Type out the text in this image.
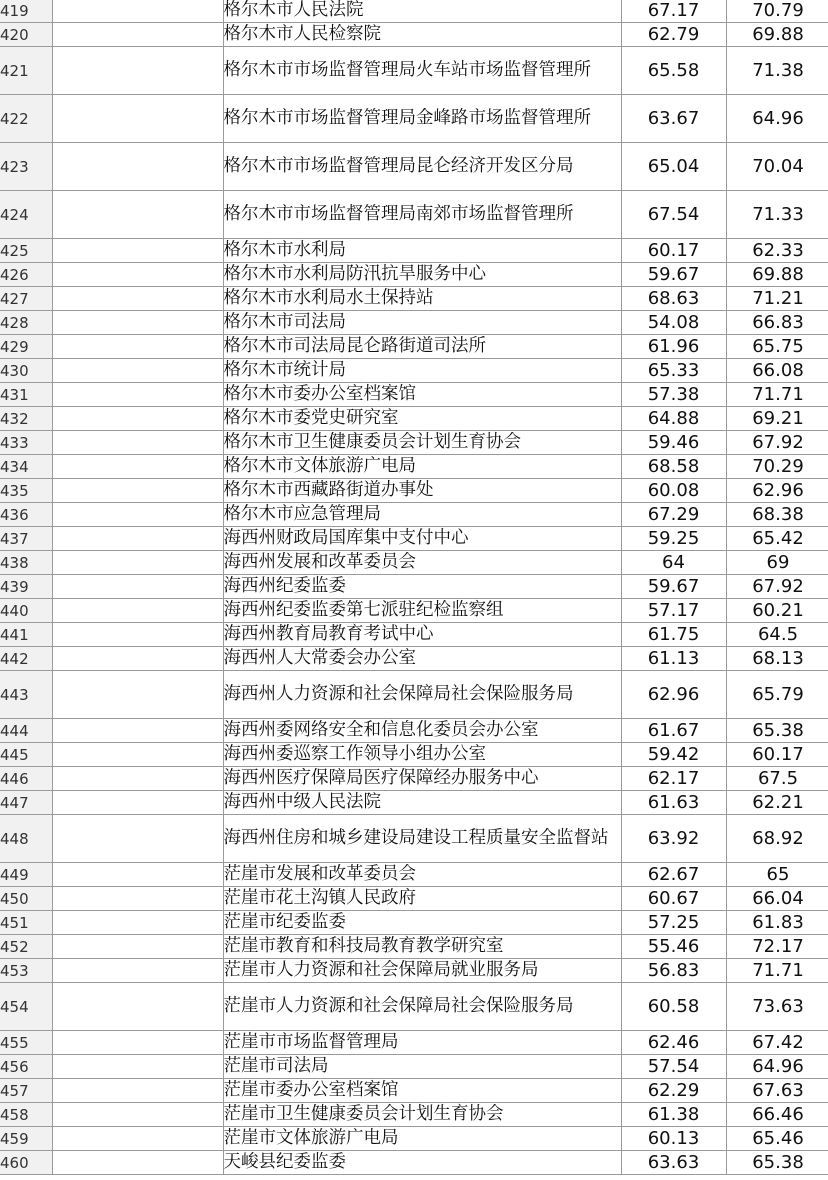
419		格尔木市人民法院	67.17	70.79
420		格尔木市人民检察院	62.79	69.88
421		格尔木市市场监督管理局火车站市场监督管理所	65.58	71.38
422		格尔木市市场监督管理局金峰路市场监督管理所	63.67	64.96
423		格尔木市市场监督管理局昆仑经济开发区分局	65.04	70.04
424		格尔木市市场监督管理局南郊市场监督管理所	67.54	71.33
425		格尔木市水利局	60.17	62.33
426		格尔木市水利局防汛抗旱服务中心	59.67	69.88
427		格尔木市水利局水土保持站	68.63	71.21
428		格尔木市司法局	54.08	66.83
429		格尔木市司法局昆仑路街道司法所	61.96	65.75
430		格尔木市统计局	65.33	66.08
431		格尔木市委办公室档案馆	57.38	71.71
432		格尔木市委党史研究室	64.88	69.21
433		格尔木市卫生健康委员会计划生育协会	59.46	67.92
434		格尔木市文体旅游广电局	68.58	70.29
435		格尔木市西藏路街道办事处	60.08	62.96
436		格尔木市应急管理局	67.29	68.38
437		海西州财政局国库集中支付中心	59.25	65.42
438		海西州发展和改革委员会	64	69
439		海西州纪委监委	59.67	67.92
440		海西州纪委监委第七派驻纪检监察组	57.17	60.21
441		海西州教育局教育考试中心	61.75	64.5
442		海西州人大常委会办公室	61.13	68.13
443		海西州人力资源和社会保障局社会保险服务局	62.96	65.79
444		海西州委网络安全和信息化委员会办公室	61.67	65.38
445		海西州委巡察工作领导小组办公室	59.42	60.17
446		海西州医疗保障局医疗保障经办服务中心	62.17	67.5
447		海西州中级人民法院	61.63	62.21
448		海西州住房和城乡建设局建设工程质量安全监督站	63.92	68.92
449		茫崖市发展和改革委员会	62.67	65
450		茫崖市花土沟镇人民政府	60.67	66.04
451		茫崖市纪委监委	57.25	61.83
452		茫崖市教育和科技局教育教学研究室	55.46	72.17
453		茫崖市人力资源和社会保障局就业服务局	56.83	71.71
454		茫崖市人力资源和社会保障局社会保险服务局	60.58	73.63
455		茫崖市市场监督管理局	62.46	67.42
456		茫崖市司法局	57.54	64.96
457		茫崖市委办公室档案馆	62.29	67.63
458		茫崖市卫生健康委员会计划生育协会	61.38	66.46
459		茫崖市文体旅游广电局	60.13	65.46
460		天峻县纪委监委	63.63	65.38
